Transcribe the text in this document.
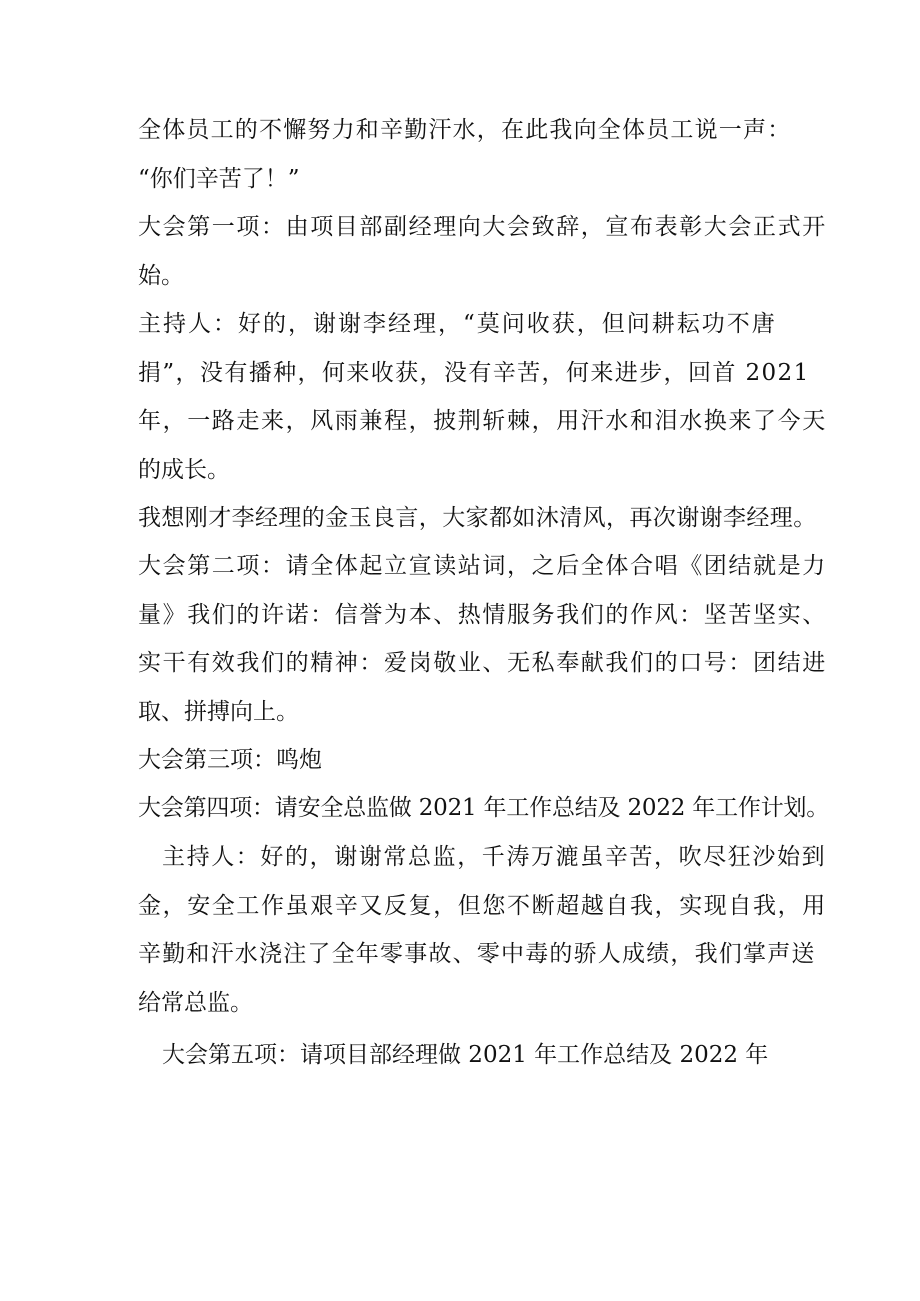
全体员工的不懈努力和辛勤汗水，在此我向全体员工说一声：
“你们辛苦了！”

大会第一项：由项目部副经理向大会致辞，宣布表彰大会正式开
始。

主持人：好的，谢谢李经理，“莫问收获，但问耕耘功不唐
捐”，没有播种，何来收获，没有辛苦，何来进步，回首 2021
年，一路走来，风雨兼程，披荆斩棘，用汗水和泪水换来了今天
的成长。

我想刚才李经理的金玉良言，大家都如沐清风，再次谢谢李经理。

大会第二项：请全体起立宣读站词，之后全体合唱《团结就是力
量》我们的许诺：信誉为本、热情服务我们的作风：坚苦坚实、
实干有效我们的精神：爱岗敬业、无私奉献我们的口号：团结进
取、拼搏向上。

大会第三项：鸣炮

大会第四项：请安全总监做 2021 年工作总结及 2022 年工作计划。

主持人：好的，谢谢常总监，千涛万漉虽辛苦，吹尽狂沙始到
金，安全工作虽艰辛又反复，但您不断超越自我，实现自我，用
辛勤和汗水浇注了全年零事故、零中毒的骄人成绩，我们掌声送
给常总监。

大会第五项：请项目部经理做 2021 年工作总结及 2022 年
